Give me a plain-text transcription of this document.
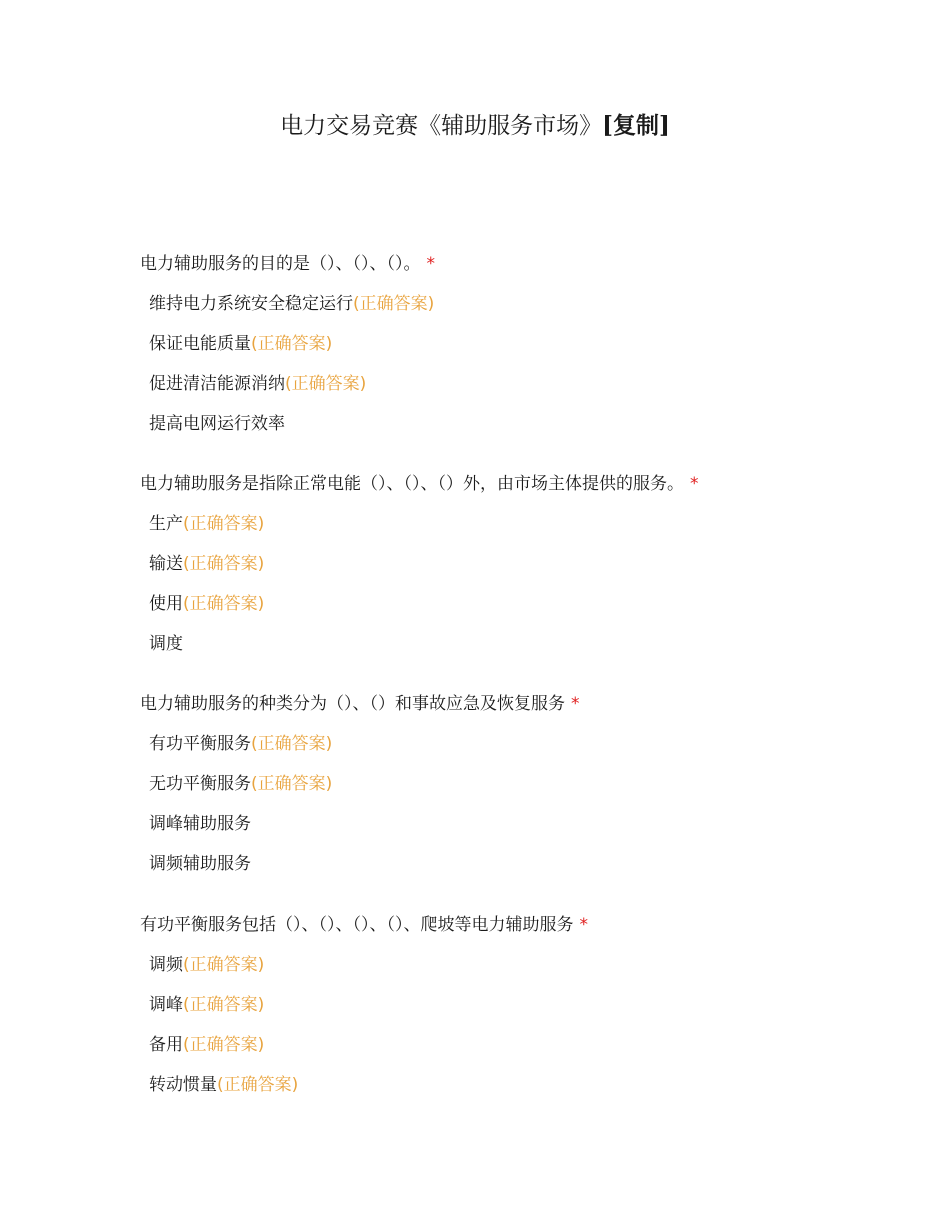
电力交易竞赛《辅助服务市场》[复制]

电力辅助服务的目的是（）、（）、（）。 *

维持电力系统安全稳定运行(正确答案)
保证电能质量(正确答案)
促进清洁能源消纳(正确答案)
提高电网运行效率

电力辅助服务是指除正常电能（）、（）、（）外，由市场主体提供的服务。 *

生产(正确答案)
输送(正确答案)
使用(正确答案)
调度

电力辅助服务的种类分为（）、（）和事故应急及恢复服务 *

有功平衡服务(正确答案)
无功平衡服务(正确答案)
调峰辅助服务
调频辅助服务

有功平衡服务包括（）、（）、（）、（）、爬坡等电力辅助服务 *

调频(正确答案)
调峰(正确答案)
备用(正确答案)
转动惯量(正确答案)
